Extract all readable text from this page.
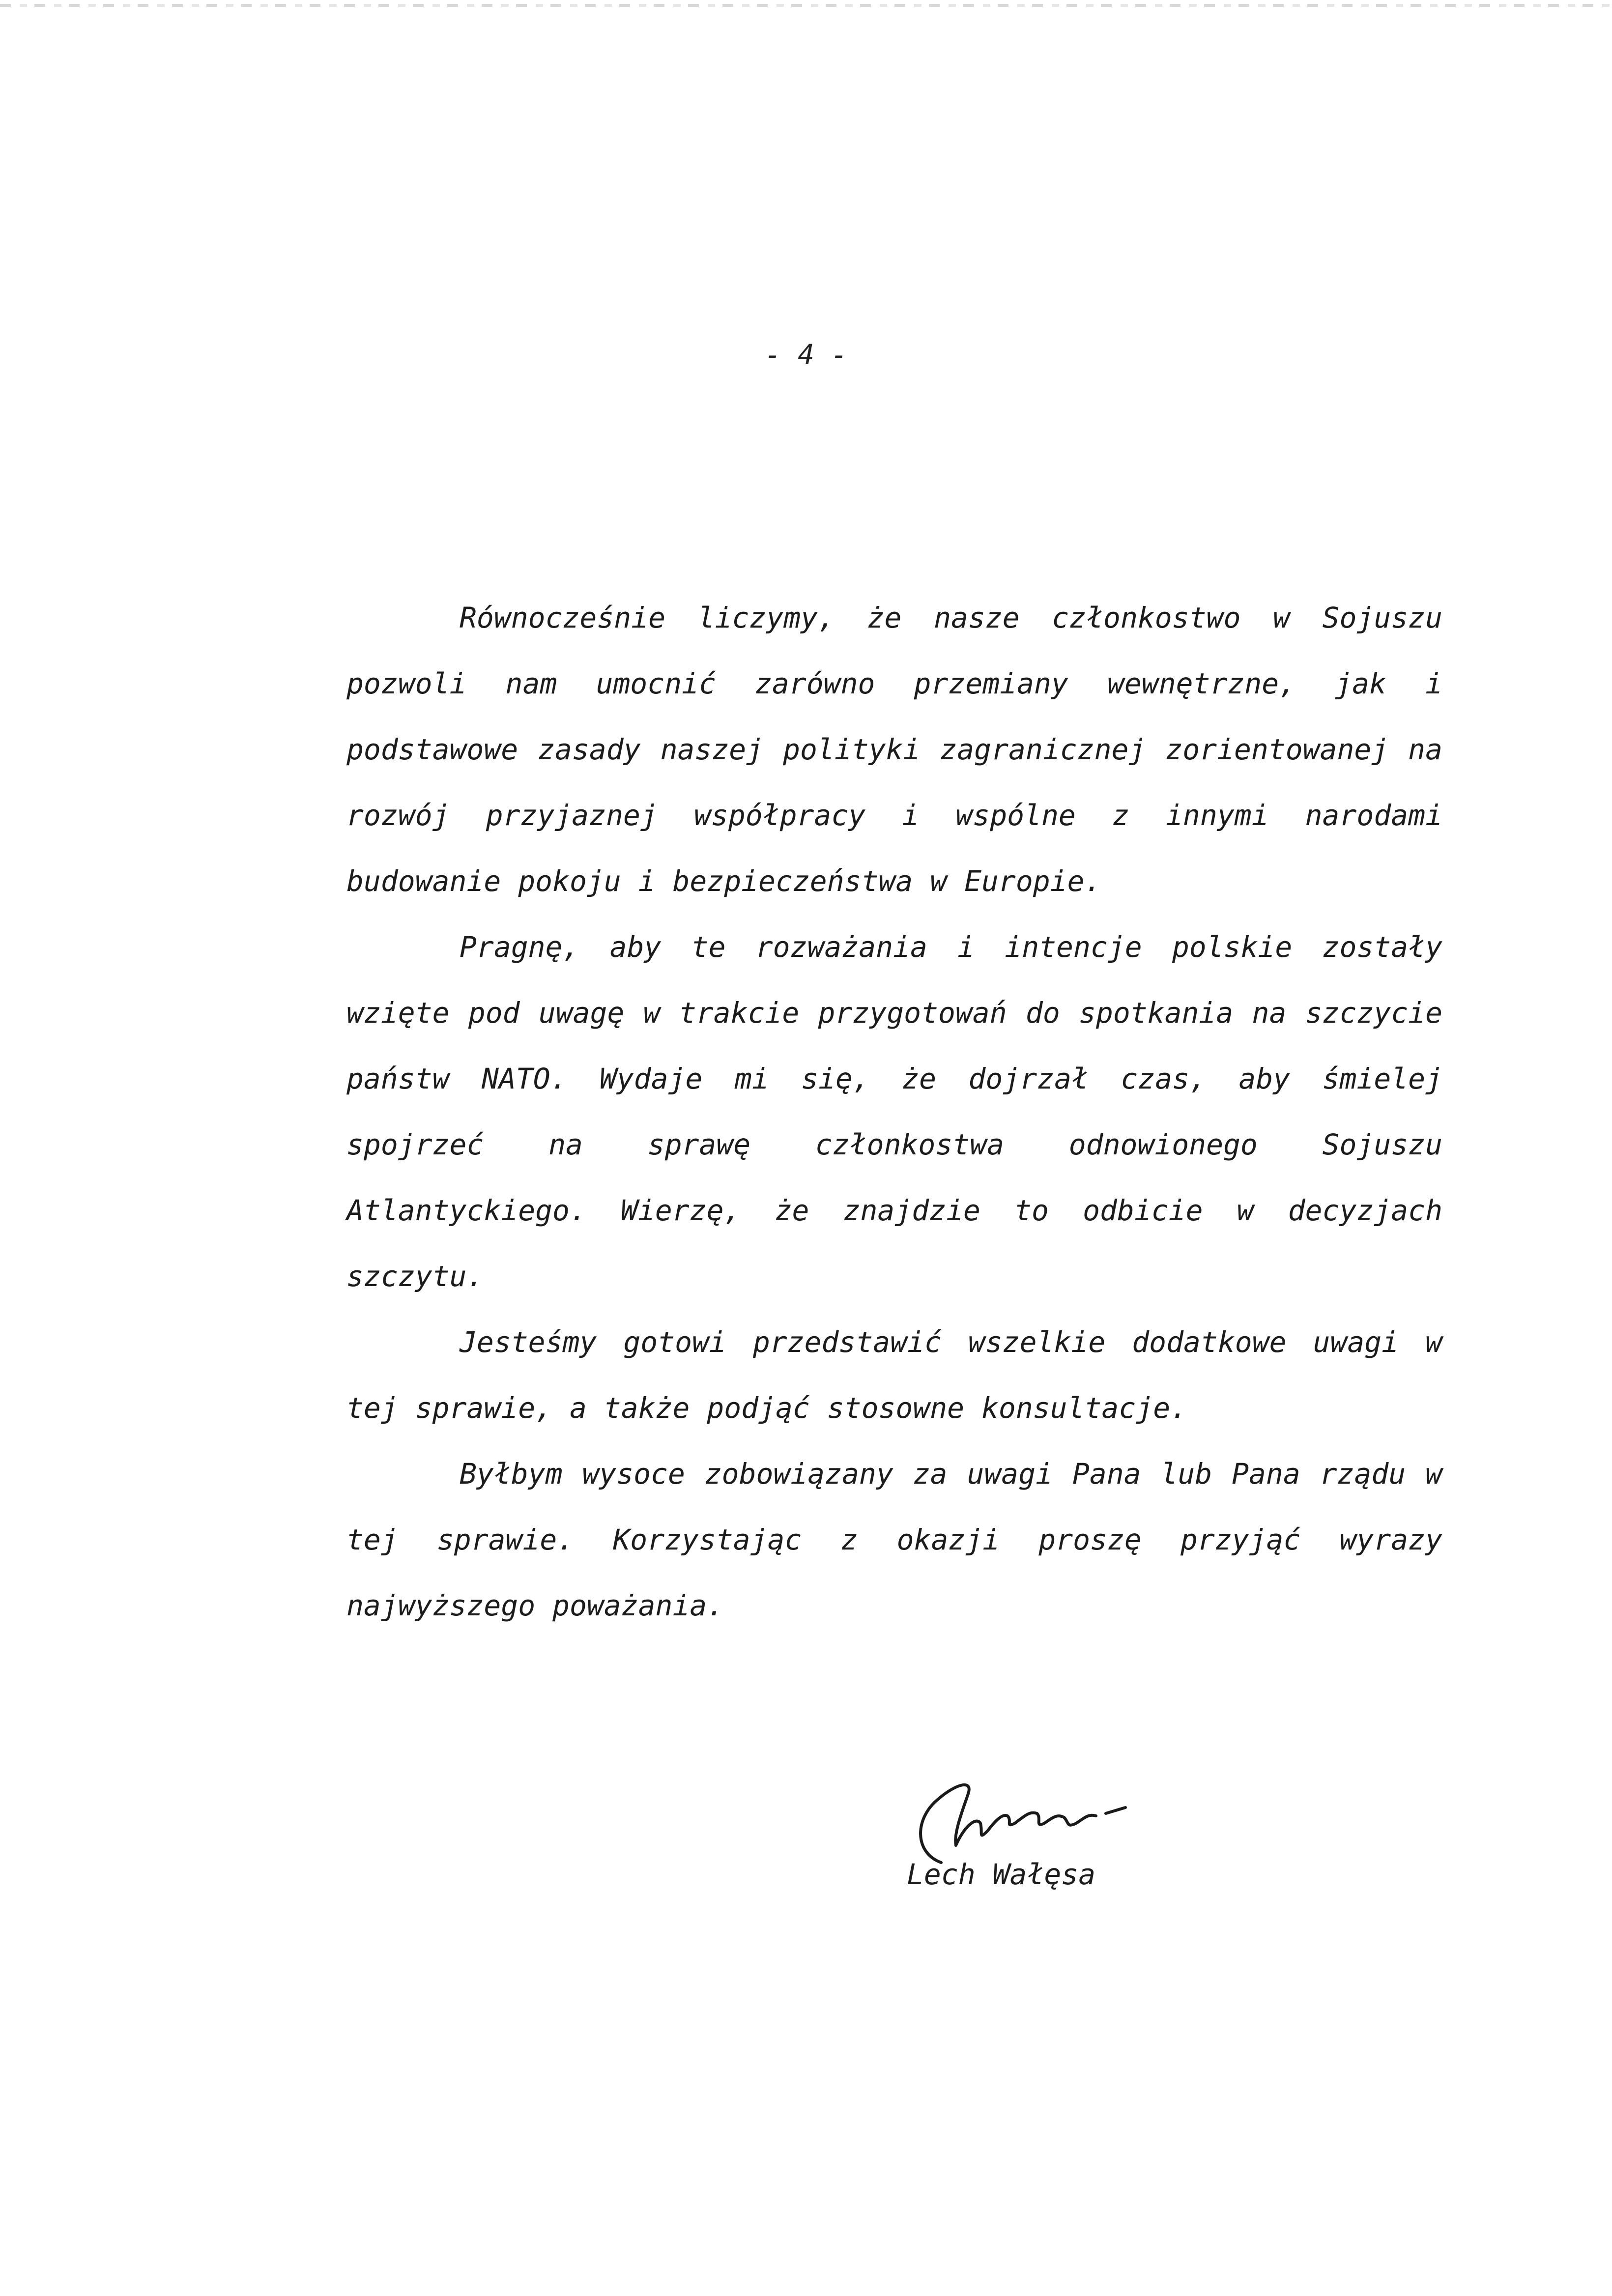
- 4 -

Równocześnie liczymy, że nasze członkostwo w Sojuszu pozwoli nam umocnić zarówno przemiany wewnętrzne, jak i podstawowe zasady naszej polityki zagranicznej zorientowanej na rozwój przyjaznej współpracy i wspólne z innymi narodami budowanie pokoju i bezpieczeństwa w Europie.

Pragnę, aby te rozważania i intencje polskie zostały wzięte pod uwagę w trakcie przygotowań do spotkania na szczycie państw NATO. Wydaje mi się, że dojrzał czas, aby śmielej spojrzeć na sprawę członkostwa odnowionego Sojuszu Atlantyckiego. Wierzę, że znajdzie to odbicie w decyzjach szczytu.

Jesteśmy gotowi przedstawić wszelkie dodatkowe uwagi w tej sprawie, a także podjąć stosowne konsultacje.

Byłbym wysoce zobowiązany za uwagi Pana lub Pana rządu w tej sprawie. Korzystając z okazji proszę przyjąć wyrazy najwyższego poważania.

Lech Wałęsa
